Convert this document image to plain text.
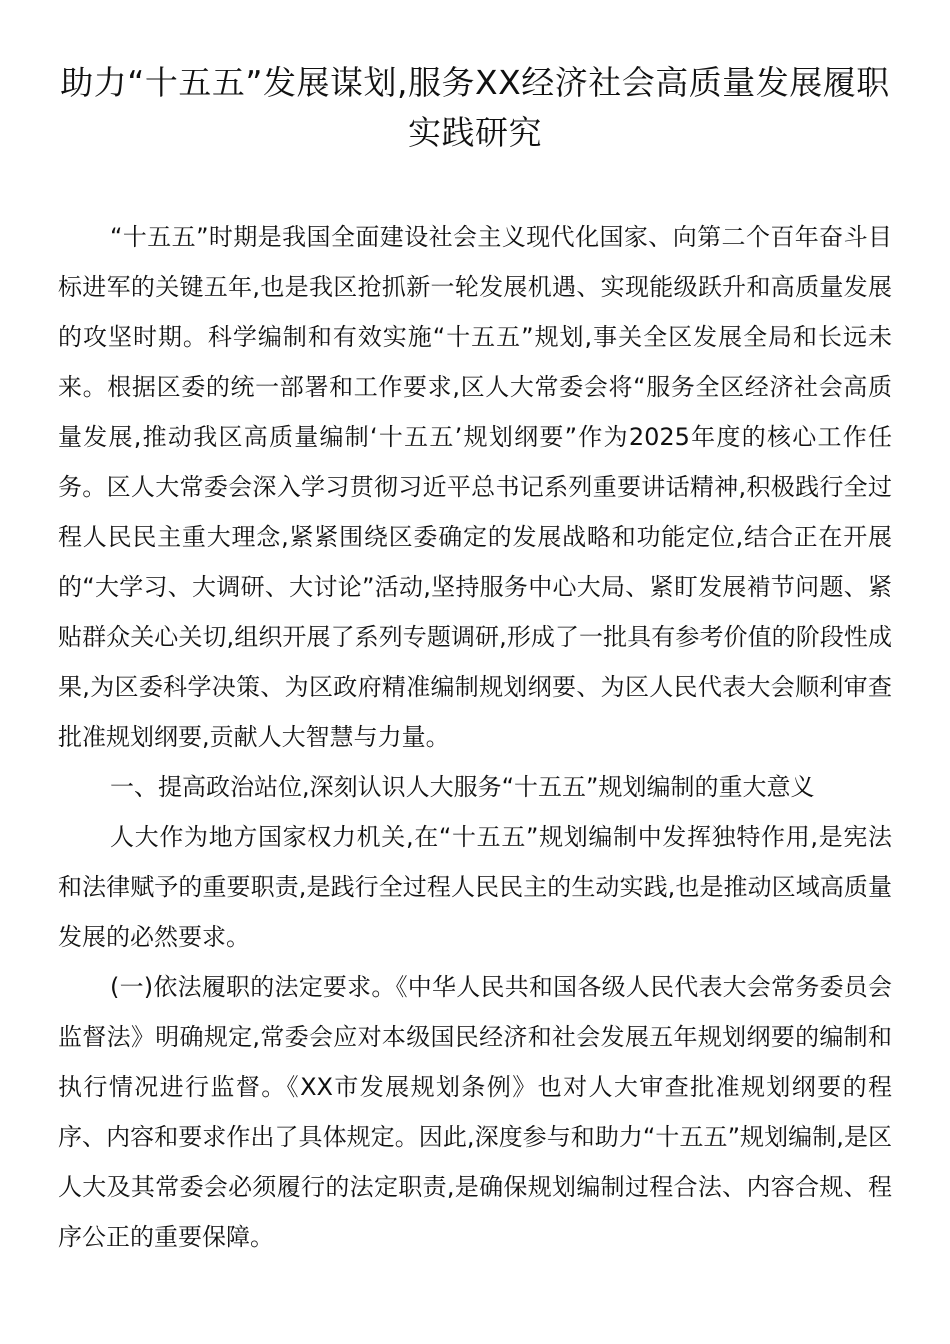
助力“十五五”发展谋划,服务XX经济社会高质量发展履职实践研究

“十五五”时期是我国全面建设社会主义现代化国家、向第二个百年奋斗目标进军的关键五年,也是我区抢抓新一轮发展机遇、实现能级跃升和高质量发展的攻坚时期。科学编制和有效实施“十五五”规划,事关全区发展全局和长远未来。根据区委的统一部署和工作要求,区人大常委会将“服务全区经济社会高质量发展,推动我区高质量编制‘十五五’规划纲要”作为2025年度的核心工作任务。区人大常委会深入学习贯彻习近平总书记系列重要讲话精神,积极践行全过程人民民主重大理念,紧紧围绕区委确定的发展战略和功能定位,结合正在开展的“大学习、大调研、大讨论”活动,坚持服务中心大局、紧盯发展褃节问题、紧贴群众关心关切,组织开展了系列专题调研,形成了一批具有参考价值的阶段性成果,为区委科学决策、为区政府精准编制规划纲要、为区人民代表大会顺利审查批准规划纲要,贡献人大智慧与力量。

一、提高政治站位,深刻认识人大服务“十五五”规划编制的重大意义

人大作为地方国家权力机关,在“十五五”规划编制中发挥独特作用,是宪法和法律赋予的重要职责,是践行全过程人民民主的生动实践,也是推动区域高质量发展的必然要求。

(一)依法履职的法定要求。《中华人民共和国各级人民代表大会常务委员会监督法》明确规定,常委会应对本级国民经济和社会发展五年规划纲要的编制和执行情况进行监督。《XX市发展规划条例》也对人大审查批准规划纲要的程序、内容和要求作出了具体规定。因此,深度参与和助力“十五五”规划编制,是区人大及其常委会必须履行的法定职责,是确保规划编制过程合法、内容合规、程序公正的重要保障。
